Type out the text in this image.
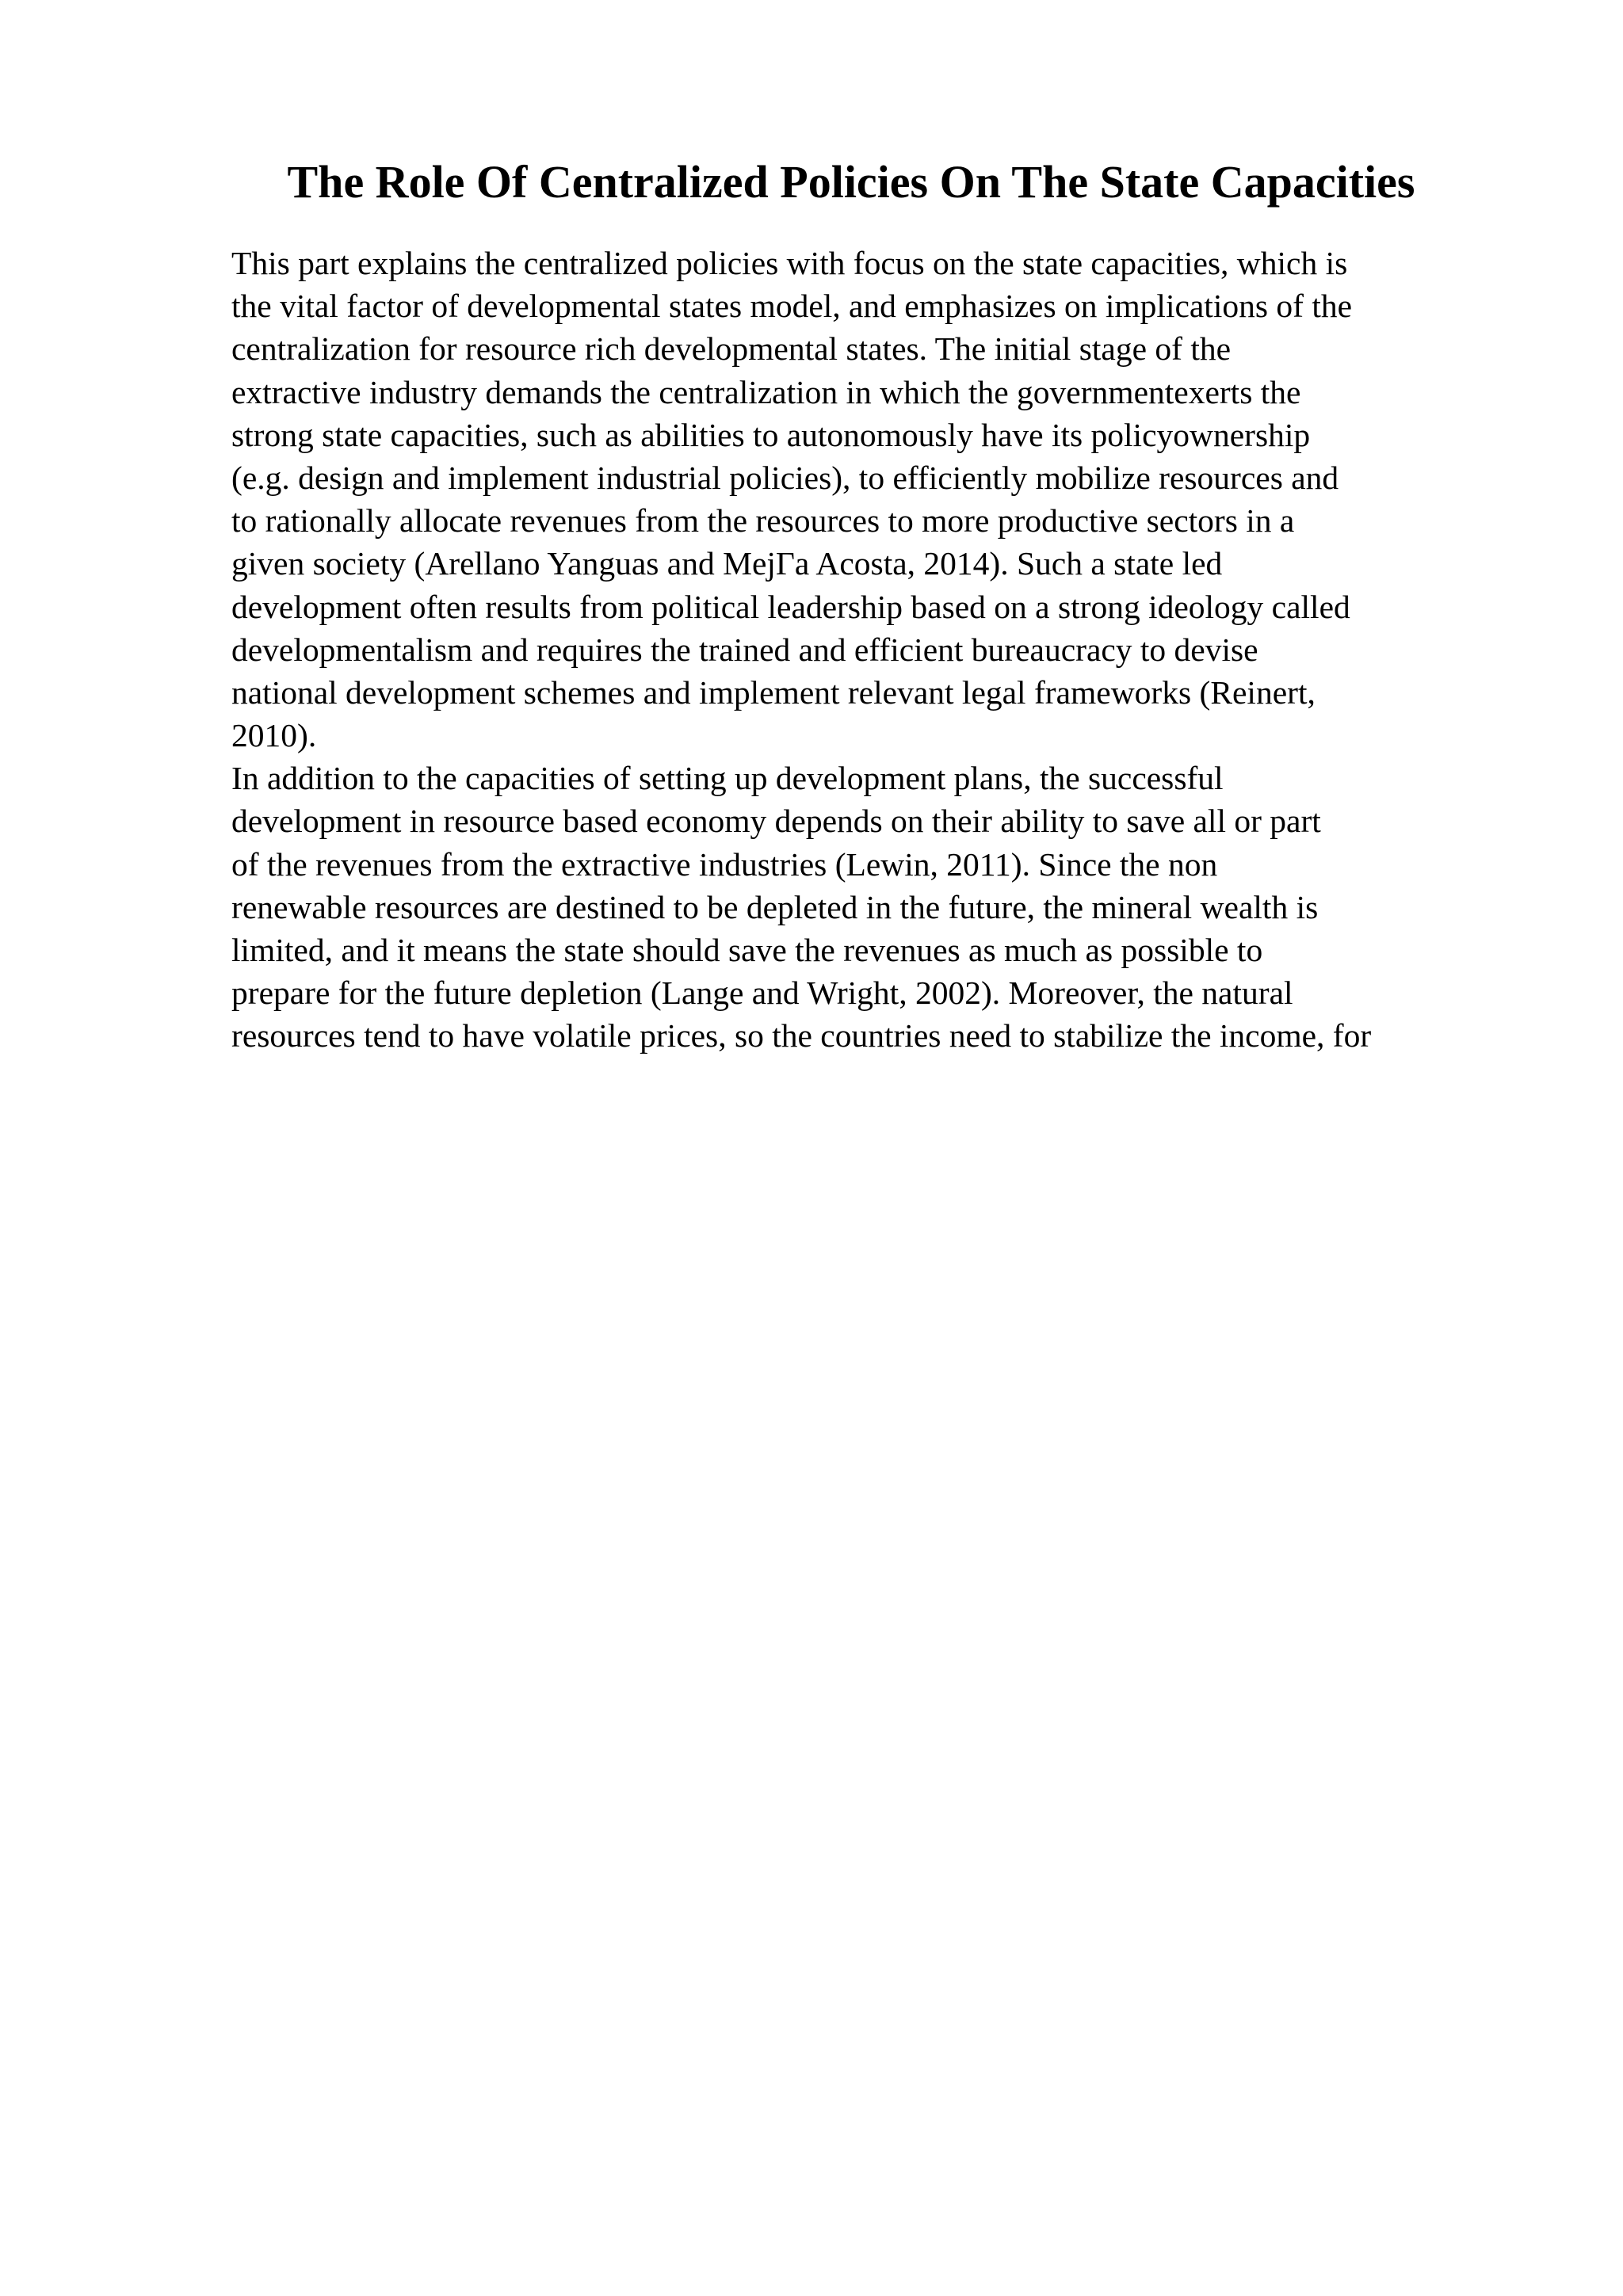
The Role Of Centralized Policies On The State Capacities
This part explains the centralized policies with focus on the state capacities, which is
the vital factor of developmental states model, and emphasizes on implications of the
centralization for resource rich developmental states. The initial stage of the
extractive industry demands the centralization in which the governmentexerts the
strong state capacities, such as abilities to autonomously have its policyownership
(e.g. design and implement industrial policies), to efficiently mobilize resources and
to rationally allocate revenues from the resources to more productive sectors in a
given society (Arellano Yanguas and MejГa Acosta, 2014). Such a state led
development often results from political leadership based on a strong ideology called
developmentalism and requires the trained and efficient bureaucracy to devise
national development schemes and implement relevant legal frameworks (Reinert,
2010).
In addition to the capacities of setting up development plans, the successful
development in resource based economy depends on their ability to save all or part
of the revenues from the extractive industries (Lewin, 2011). Since the non
renewable resources are destined to be depleted in the future, the mineral wealth is
limited, and it means the state should save the revenues as much as possible to
prepare for the future depletion (Lange and Wright, 2002). Moreover, the natural
resources tend to have volatile prices, so the countries need to stabilize the income, for
